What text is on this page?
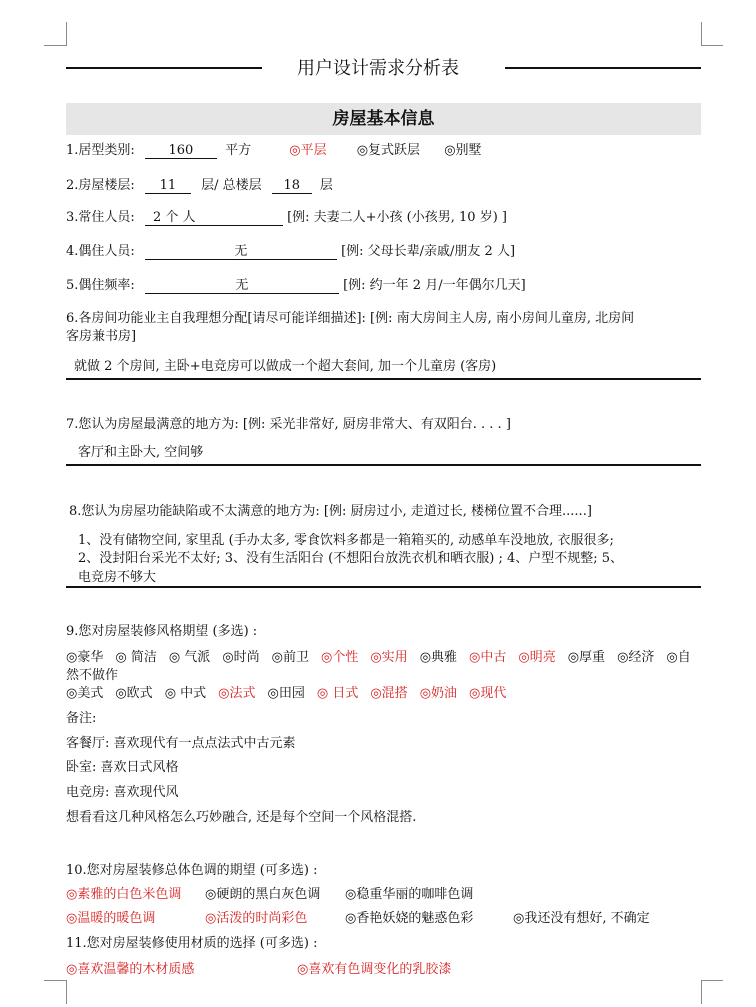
用户设计需求分析表
房屋基本信息
1.居型类别:	160 平方	◎平层 ◎复式跃层 ◎别墅
2.房屋楼层: 11 层/ 总楼层 18 层
3.常住人员: 2 个 人	[例: 夫妻二人+小孩 (小孩男, 10 岁) ]
4.偶住人员:	无	[例: 父母长辈/亲戚/朋友 2 人]
5.偶住频率:	无	[例: 约一年 2 月/一年偶尔几天]
6.各房间功能业主自我理想分配[请尽可能详细描述]: [例: 南大房间主人房, 南小房间儿童房, 北房间
客房兼书房]
就做 2 个房间, 主卧+电竞房可以做成一个超大套间, 加一个儿童房 (客房)
7.您认为房屋最满意的地方为: [例: 采光非常好, 厨房非常大、有双阳台. . . . ]
客厅和主卧大, 空间够
8.您认为房屋功能缺陷或不太满意的地方为: [例: 厨房过小, 走道过长, 楼梯位置不合理......]
1、没有储物空间, 家里乱 (手办太多, 零食饮料多都是一箱箱买的, 动感单车没地放, 衣服很多;
2、没封阳台采光不太好; 3、没有生活阳台 (不想阳台放洗衣机和晒衣服) ; 4、户型不规整; 5、
电竞房不够大
9.您对房屋装修风格期望 (多选) :
◎豪华 ◎ 简洁 ◎ 气派 ◎时尚 ◎前卫 ◎个性 ◎实用 ◎典雅 ◎中古 ◎明亮 ◎厚重 ◎经济 ◎自
然不做作
◎美式 ◎欧式 ◎ 中式 ◎法式 ◎田园 ◎ 日式 ◎混搭 ◎奶油 ◎现代
备注:
客餐厅: 喜欢现代有一点点法式中古元素
卧室: 喜欢日式风格
电竞房: 喜欢现代风
想看看这几种风格怎么巧妙融合, 还是每个空间一个风格混搭.
10.您对房屋装修总体色调的期望 (可多选) :
◎素雅的白色米色调 ◎硬朗的黑白灰色调 ◎稳重华丽的咖啡色调
◎温暖的暖色调	◎活泼的时尚彩色	◎香艳妖娆的魅惑色彩	◎我还没有想好, 不确定
11.您对房屋装修使用材质的选择 (可多选) :
◎喜欢温馨的木材质感	◎喜欢有色调变化的乳胶漆
